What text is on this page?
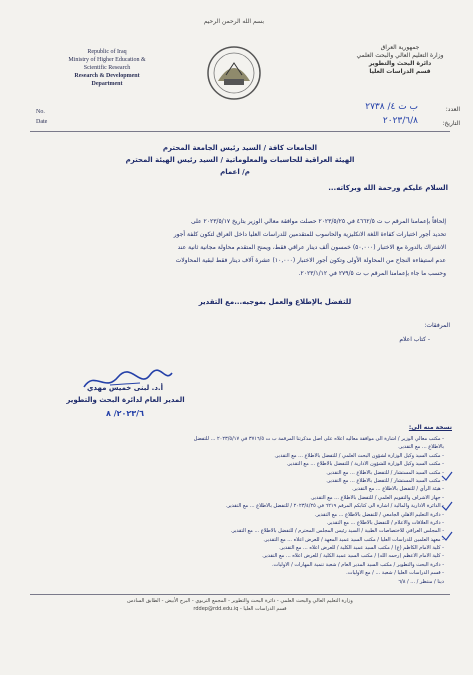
Republic of Iraq
Ministry of Higher Education &
Scientific Research
Research & Development
Department
بسم الله الرحمن الرحيم
جمهورية العراق
وزارة التعليم العالي والبحث العلمي
دائرة البحث والتطوير
قسم الدراسات العليا
No.
Date
العدد:
ب ت ٤/ ٢٧٣٨
التاريخ:
٢٠٢٣/٦/٨
الجامعات كافة / السيد رئيس الجامعة المحترم
الهيئة العراقية للحاسبات والمعلوماتية / السيد رئيس الهيئة المحترم
م/ اعمام
السلام عليكم ورحمة الله وبركاته...
إلحاقاً بإعمامنا المرقم ب ت ٤٦٦٢/٥ في ٢٠٢٣/٥/٢٥ حصلت موافقة معالي الوزير بتاريخ ٢٠٢٣/٥/١٧ على
تحديد أجور اختبارات كفاءة اللغة الانكليزية والحاسوب للمتقدمين للدراسات العليا داخل العراق لتكون كلفة أجور
الاشتراك بالدورة مع الاختبار (٥٠,٠٠٠) خمسون ألف دينار عراقي فقط، ويمنح المتقدم محاولة مجانية ثانية عند
عدم استيفاءه النجاح من المحاولة الأولى وتكون أجور الاختبار (١٠,٠٠٠) عشرة آلاف دينار فقط لبقية المحاولات
وحسب ما جاء بإعمامنا المرقم ب ت ٢٧٩/٥ في ٢٠٢٣/١/١٢.
للتفضل بالإطلاع والعمل بموجبه...مع التقدير
المرفقات:
- كتاب اعلام
أ.د. لبنى خميس مهدي
المدير العام لدائرة البحث والتطوير
٢٠٢٣/٦/ ٨
نسخة منه الى:
- مكتب معالي الوزير / اشارة الى موافقة معاليه اعلاه على اصل مذكرتنا المرقمة ب ت ٣٧١٦/٥ في ٢٠٢٣/٥/١٧ ... للتفضل
بالاطلاع ... مع التقدير.
- مكتب السيد وكيل الوزارة لشؤون البحث العلمي / للتفضل بالاطلاع ... مع التقدير.
- مكتب السيد وكيل الوزارة للشؤون الادارية / للتفضل بالاطلاع ... مع التقدير.
- مكتب السيد المستشار / للتفضل بالاطلاع ... مع التقدير.
- مكتب السيد المستشار / للتفضل بالاطلاع ... مع التقدير.
- هيئة الرأي / للتفضل بالاطلاع ... مع التقدير.
- جهاز الاشراف والتقويم العلمي / للتفضل بالاطلاع ... مع التقدير.
- الدائرة الادارية والمالية / اشارة الى كتابكم المرقم ٦٢١٩ في ٢٠٢٣/٤/٢٥ / للتفضل بالاطلاع ... مع التقدير.
- دائرة التعليم الاهلي الجامعي / للتفضل بالاطلاع ... مع التقدير.
- دائرة العلاقات والاعلام / للتفضل بالاطلاع ... مع التقدير.
- المجلس العراقي للاختصاصات الطبية / السيد رئيس المجلس المحترم / للتفضل بالاطلاع ... مع التقدير.
- معهد العلمين للدراسات العليا / مكتب السيد عميد المعهد / للعرض اعلاه ... مع التقدير.
- كلية الامام الكاظم (ع) / مكتب السيد عميد الكلية / للعرض اعلاه ... مع التقدير.
- كلية الامام الاعظم (رحمه الله) / مكتب السيد عميد الكلية / للعرض اعلاه ... مع التقدير.
- دائرة البحث والتطوير / مكتب السيد المدير العام / شعبة تنمية المهارات / الاوليات.
- قسم الدراسات العليا / شعبة ... / مع الاوليات.
دينا / منتظر / ... / ٦/٨
وزارة التعليم العالي والبحث العلمي - دائرة البحث والتطوير - المجمع التربوي - البرج الأبيض - الطابق السادس
قسم الدراسات العليا - rddep@rdd.edu.iq
